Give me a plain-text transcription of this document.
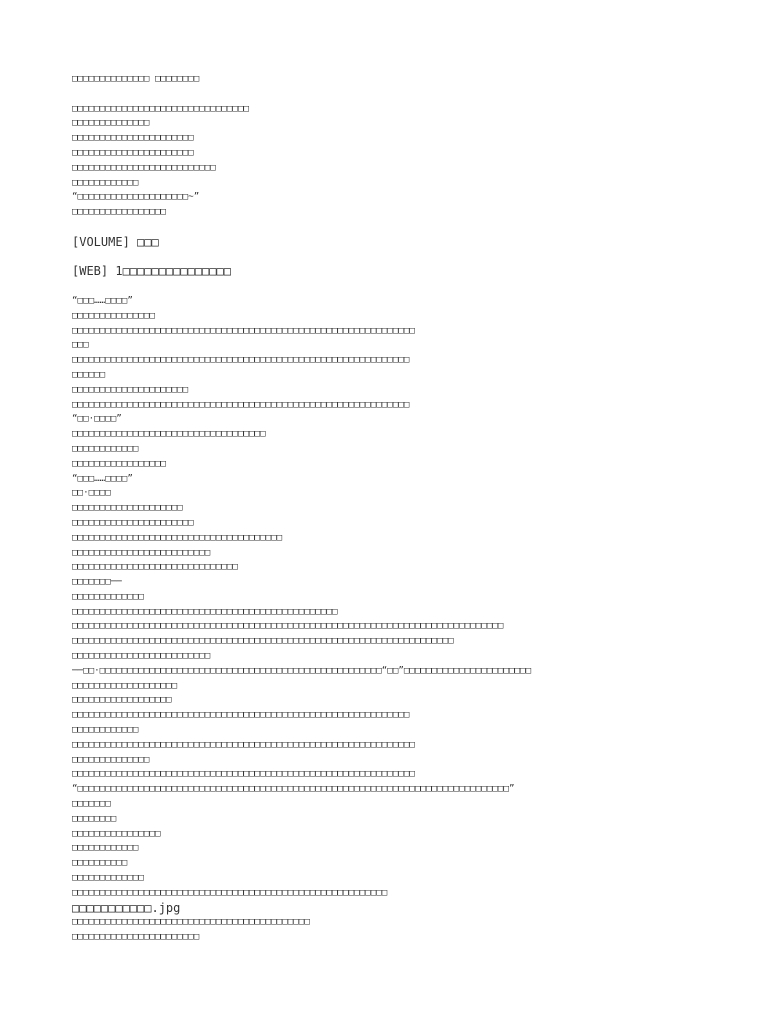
□□□□□□□□□□□□□□ □□□□□□□□
□□□□□□□□□□□□□□□□□□□□□□□□□□□□□□□□
□□□□□□□□□□□□□□
□□□□□□□□□□□□□□□□□□□□□□
□□□□□□□□□□□□□□□□□□□□□□
□□□□□□□□□□□□□□□□□□□□□□□□□□
□□□□□□□□□□□□
“□□□□□□□□□□□□□□□□□□□□~”
□□□□□□□□□□□□□□□□□
[VOLUME] □□□
[WEB] 1□□□□□□□□□□□□□□□
“□□□……□□□□”
□□□□□□□□□□□□□□□
□□□□□□□□□□□□□□□□□□□□□□□□□□□□□□□□□□□□□□□□□□□□□□□□□□□□□□□□□□□□□□
□□□
□□□□□□□□□□□□□□□□□□□□□□□□□□□□□□□□□□□□□□□□□□□□□□□□□□□□□□□□□□□□□
□□□□□□
□□□□□□□□□□□□□□□□□□□□□
□□□□□□□□□□□□□□□□□□□□□□□□□□□□□□□□□□□□□□□□□□□□□□□□□□□□□□□□□□□□□
“□□·□□□□”
□□□□□□□□□□□□□□□□□□□□□□□□□□□□□□□□□□□
□□□□□□□□□□□□
□□□□□□□□□□□□□□□□□
“□□□……□□□□”
□□·□□□□
□□□□□□□□□□□□□□□□□□□□
□□□□□□□□□□□□□□□□□□□□□□
□□□□□□□□□□□□□□□□□□□□□□□□□□□□□□□□□□□□□□
□□□□□□□□□□□□□□□□□□□□□□□□□
□□□□□□□□□□□□□□□□□□□□□□□□□□□□□□
□□□□□□□──
□□□□□□□□□□□□□
□□□□□□□□□□□□□□□□□□□□□□□□□□□□□□□□□□□□□□□□□□□□□□□□
□□□□□□□□□□□□□□□□□□□□□□□□□□□□□□□□□□□□□□□□□□□□□□□□□□□□□□□□□□□□□□□□□□□□□□□□□□□□□□
□□□□□□□□□□□□□□□□□□□□□□□□□□□□□□□□□□□□□□□□□□□□□□□□□□□□□□□□□□□□□□□□□□□□□
□□□□□□□□□□□□□□□□□□□□□□□□□
──□□·□□□□□□□□□□□□□□□□□□□□□□□□□□□□□□□□□□□□□□□□□□□□□□□□□□□“□□”□□□□□□□□□□□□□□□□□□□□□□□
□□□□□□□□□□□□□□□□□□□
□□□□□□□□□□□□□□□□□□
□□□□□□□□□□□□□□□□□□□□□□□□□□□□□□□□□□□□□□□□□□□□□□□□□□□□□□□□□□□□□
□□□□□□□□□□□□
□□□□□□□□□□□□□□□□□□□□□□□□□□□□□□□□□□□□□□□□□□□□□□□□□□□□□□□□□□□□□□
□□□□□□□□□□□□□□
□□□□□□□□□□□□□□□□□□□□□□□□□□□□□□□□□□□□□□□□□□□□□□□□□□□□□□□□□□□□□□
“□□□□□□□□□□□□□□□□□□□□□□□□□□□□□□□□□□□□□□□□□□□□□□□□□□□□□□□□□□□□□□□□□□□□□□□□□□□□□□”
□□□□□□□
□□□□□□□□
□□□□□□□□□□□□□□□□
□□□□□□□□□□□□
□□□□□□□□□□
□□□□□□□□□□□□□
□□□□□□□□□□□□□□□□□□□□□□□□□□□□□□□□□□□□□□□□□□□□□□□□□□□□□□□□□
□□□□□□□□□□□.jpg
□□□□□□□□□□□□□□□□□□□□□□□□□□□□□□□□□□□□□□□□□□□
□□□□□□□□□□□□□□□□□□□□□□□
